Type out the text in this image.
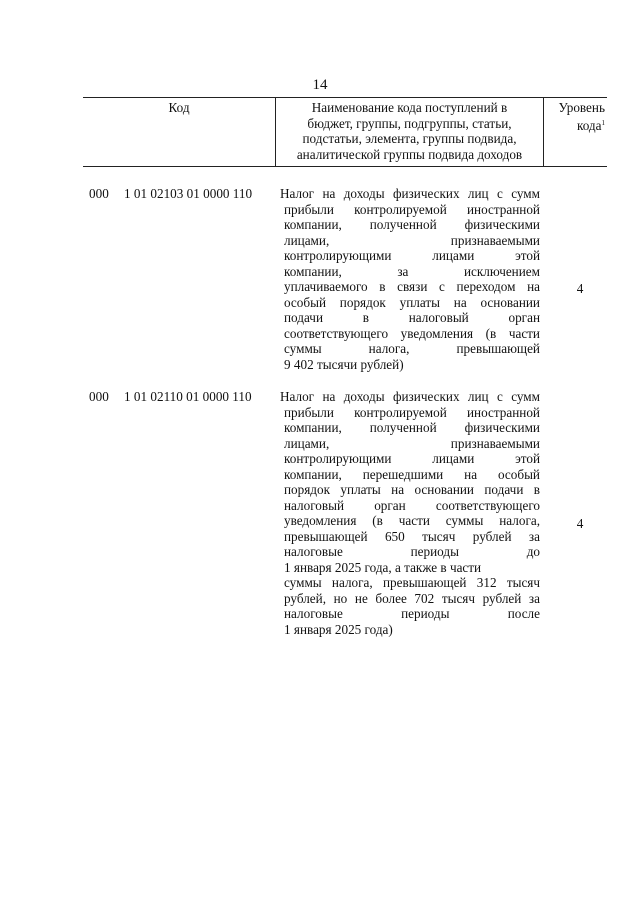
14
Код	Наименование кода поступлений в
бюджет, группы, подгруппы, статьи,
подстатьи, элемента, группы подвида,
аналитической группы подвида доходов
Уровень
кода$^1$
000 1 01 02103 01 0000 110 Налог на доходы физических лиц с сумм
прибыли контролируемой иностранной
компании, полученной физическими
лицами, признаваемыми
контролирующими лицами этой
компании, за исключением
уплачиваемого в связи с переходом на
особый порядок уплаты на основании
подачи в налоговый орган
соответствующего уведомления (в части
суммы налога, превышающей
9 402 тысячи рублей)
4
000 1 01 02110 01 0000 110 Налог на доходы физических лиц с сумм
прибыли контролируемой иностранной
компании, полученной физическими
лицами, признаваемыми
контролирующими лицами этой
компании, перешедшими на особый
порядок уплаты на основании подачи в
налоговый орган соответствующего
уведомления (в части суммы налога,
превышающей 650 тысяч рублей за
налоговые периоды до
1 января 2025 года, а также в части
суммы налога, превышающей 312 тысяч
рублей, но не более 702 тысяч рублей за
налоговые периоды после
1 января 2025 года)
4
